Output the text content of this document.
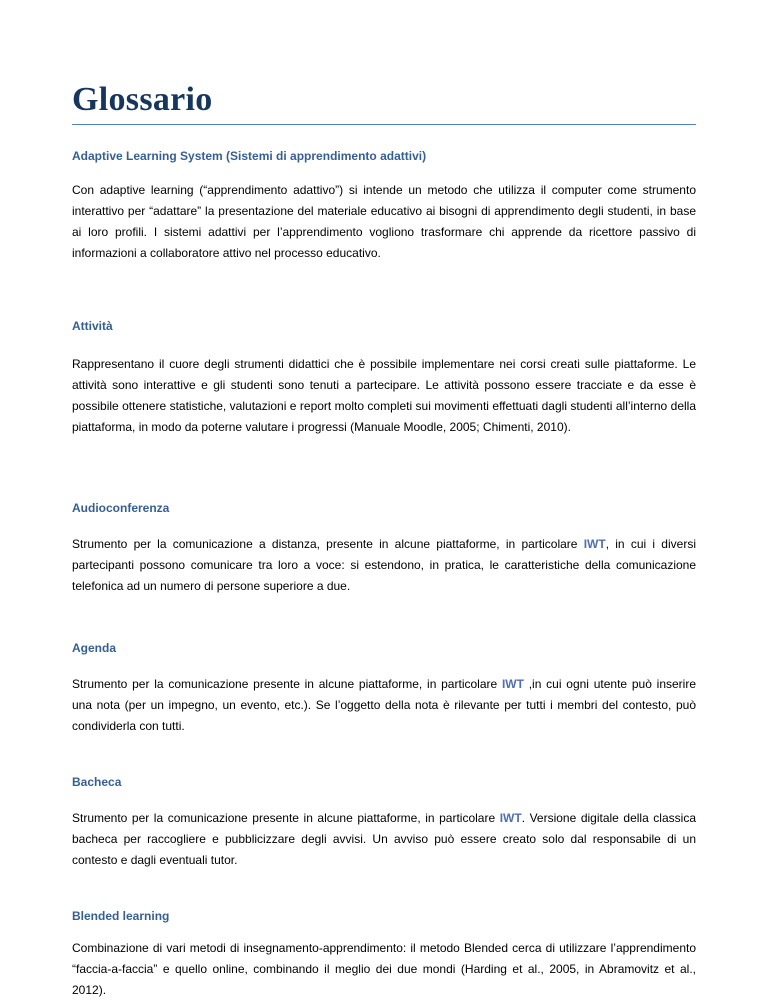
Glossario

Adaptive Learning System (Sistemi di apprendimento adattivi)

Con adaptive learning (“apprendimento adattivo”) si intende un metodo che utilizza il computer come strumento interattivo per “adattare” la presentazione del materiale educativo ai bisogni di apprendimento degli studenti, in base ai loro profili. I sistemi adattivi per l’apprendimento vogliono trasformare chi apprende da ricettore passivo di informazioni a collaboratore attivo nel processo educativo.

Attività

Rappresentano il cuore degli strumenti didattici che è possibile implementare nei corsi creati sulle piattaforme. Le attività sono interattive e gli studenti sono tenuti a partecipare. Le attività possono essere tracciate e da esse è possibile ottenere statistiche, valutazioni e report molto completi sui movimenti effettuati dagli studenti all’interno della piattaforma, in modo da poterne valutare i progressi (Manuale Moodle, 2005; Chimenti, 2010).

Audioconferenza

Strumento per la comunicazione a distanza, presente in alcune piattaforme, in particolare IWT, in cui i diversi partecipanti possono comunicare tra loro a voce: si estendono, in pratica, le caratteristiche della comunicazione telefonica ad un numero di persone superiore a due.

Agenda

Strumento per la comunicazione presente in alcune piattaforme, in particolare IWT ,in cui ogni utente può inserire una nota (per un impegno, un evento, etc.). Se l’oggetto della nota è rilevante per tutti i membri del contesto, può condividerla con tutti.

Bacheca

Strumento per la comunicazione presente in alcune piattaforme, in particolare IWT. Versione digitale della classica bacheca per raccogliere e pubblicizzare degli avvisi. Un avviso può essere creato solo dal responsabile di un contesto e dagli eventuali tutor.

Blended learning

Combinazione di vari metodi di insegnamento-apprendimento: il metodo Blended cerca di utilizzare l’apprendimento “faccia-a-faccia” e quello online, combinando il meglio dei due mondi (Harding et al., 2005, in Abramovitz et al., 2012).
